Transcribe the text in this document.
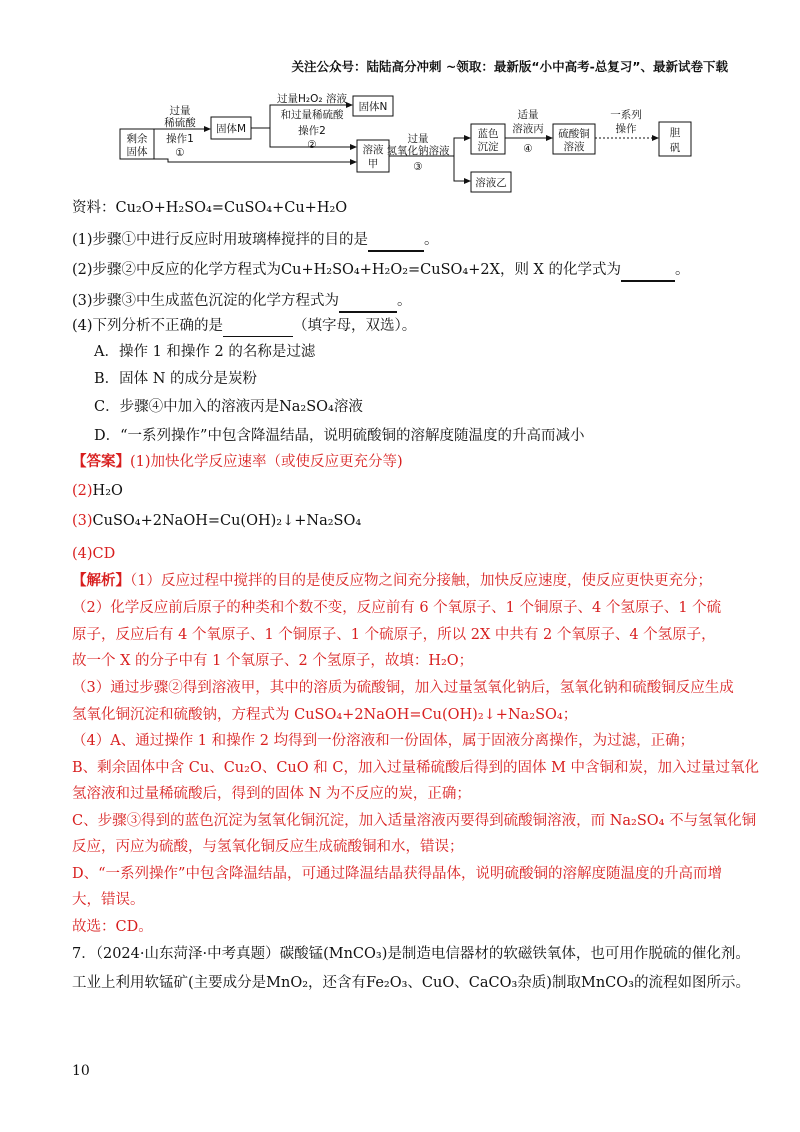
关注公众号：陆陆高分冲刺 ~领取：最新版“小中高考-总复习”、最新试卷下载
剩余
固体
过量
稀硫酸
操作1
①
固体M
过量H₂O₂ 溶液
和过量稀硫酸
操作2
②
固体N
溶液
甲
过量
氢氧化钠溶液
③
蓝色
沉淀
溶液乙
适量
溶液丙
④
硫酸铜
溶液
一系列
操作	胆
矾
资料：Cu₂O+H₂SO₄=CuSO₄+Cu+H₂O
(1)步骤①中进行反应时用玻璃棒搅拌的目的是	。
(2)步骤②中反应的化学方程式为Cu+H₂SO₄+H₂O₂=CuSO₄+2X，则 X 的化学式为	。
(3)步骤③中生成蓝色沉淀的化学方程式为	。
(4)下列分析不正确的是	（填字母，双选）。
A．操作 1 和操作 2 的名称是过滤
B．固体 N 的成分是炭粉
C．步骤④中加入的溶液丙是Na₂SO₄溶液
D．“一系列操作”中包含降温结晶，说明硫酸铜的溶解度随温度的升高而减小
【答案】(1)加快化学反应速率（或使反应更充分等)
(2)H₂O
(3)CuSO₄+2NaOH=Cu(OH)₂↓+Na₂SO₄
(4)CD
【解析】（1）反应过程中搅拌的目的是使反应物之间充分接触，加快反应速度，使反应更快更充分；
（2）化学反应前后原子的种类和个数不变，反应前有 6 个氧原子、1 个铜原子、4 个氢原子、1 个硫
原子，反应后有 4 个氧原子、1 个铜原子、1 个硫原子，所以 2X 中共有 2 个氧原子、4 个氢原子，
故一个 X 的分子中有 1 个氧原子、2 个氢原子，故填：H₂O；
（3）通过步骤②得到溶液甲，其中的溶质为硫酸铜，加入过量氢氧化钠后，氢氧化钠和硫酸铜反应生成
氢氧化铜沉淀和硫酸钠，方程式为 CuSO₄+2NaOH=Cu(OH)₂↓+Na₂SO₄；
（4）A、通过操作 1 和操作 2 均得到一份溶液和一份固体，属于固液分离操作，为过滤，正确；
B、剩余固体中含 Cu、Cu₂O、CuO 和 C，加入过量稀硫酸后得到的固体 M 中含铜和炭，加入过量过氧化
氢溶液和过量稀硫酸后，得到的固体 N 为不反应的炭，正确；
C、步骤③得到的蓝色沉淀为氢氧化铜沉淀，加入适量溶液丙要得到硫酸铜溶液，而 Na₂SO₄ 不与氢氧化铜
反应，丙应为硫酸，与氢氧化铜反应生成硫酸铜和水，错误；
D、“一系列操作”中包含降温结晶，可通过降温结晶获得晶体，说明硫酸铜的溶解度随温度的升高而增
大，错误。
故选：CD。
7．（2024·山东菏泽·中考真题）碳酸锰(MnCO₃)是制造电信器材的软磁铁氧体，也可用作脱硫的催化剂。
工业上利用软锰矿(主要成分是MnO₂，还含有Fe₂O₃、CuO、CaCO₃杂质)制取MnCO₃的流程如图所示。
10
